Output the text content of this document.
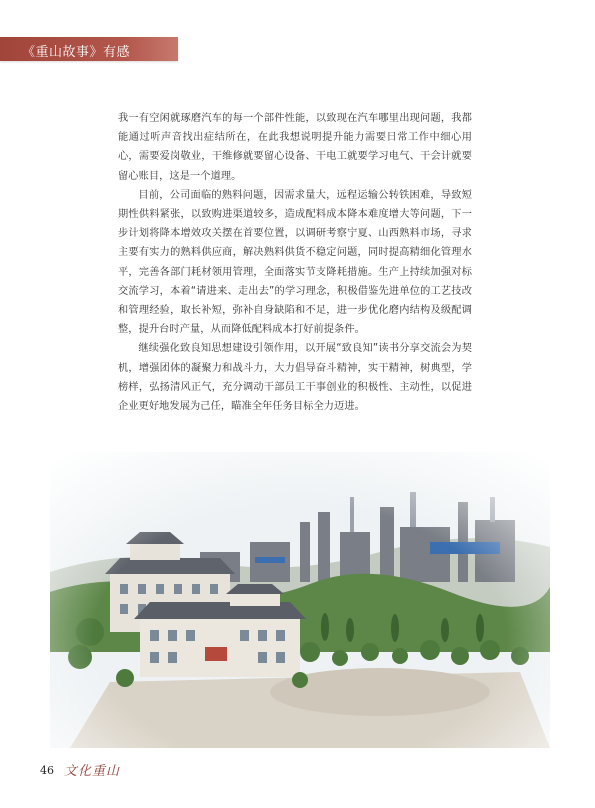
《重山故事》有感

我一有空闲就琢磨汽车的每一个部件性能，以致现在汽车哪里出现问题，我都能通过听声音找出症结所在，在此我想说明提升能力需要日常工作中细心用心，需要爱岗敬业，干维修就要留心设备、干电工就要学习电气、干会计就要留心账目，这是一个道理。

目前，公司面临的熟料问题，因需求量大，远程运输公转铁困难，导致短期性供料紧张，以致购进渠道较多，造成配料成本降本难度增大等问题，下一步计划将降本增效攻关摆在首要位置，以调研考察宁夏、山西熟料市场，寻求主要有实力的熟料供应商，解决熟料供货不稳定问题，同时提高精细化管理水平，完善各部门耗材领用管理，全面落实节支降耗措施。生产上持续加强对标交流学习，本着“请进来、走出去”的学习理念，积极借鉴先进单位的工艺技改和管理经验，取长补短，弥补自身缺陷和不足，进一步优化磨内结构及级配调整，提升台时产量，从而降低配料成本打好前提条件。

继续强化致良知思想建设引领作用，以开展“致良知”读书分享交流会为契机，增强团体的凝聚力和战斗力，大力倡导奋斗精神，实干精神，树典型，学榜样，弘扬清风正气，充分调动干部员工干事创业的积极性、主动性，以促进企业更好地发展为己任，瞄准全年任务目标全力迈进。

46 文化重山
